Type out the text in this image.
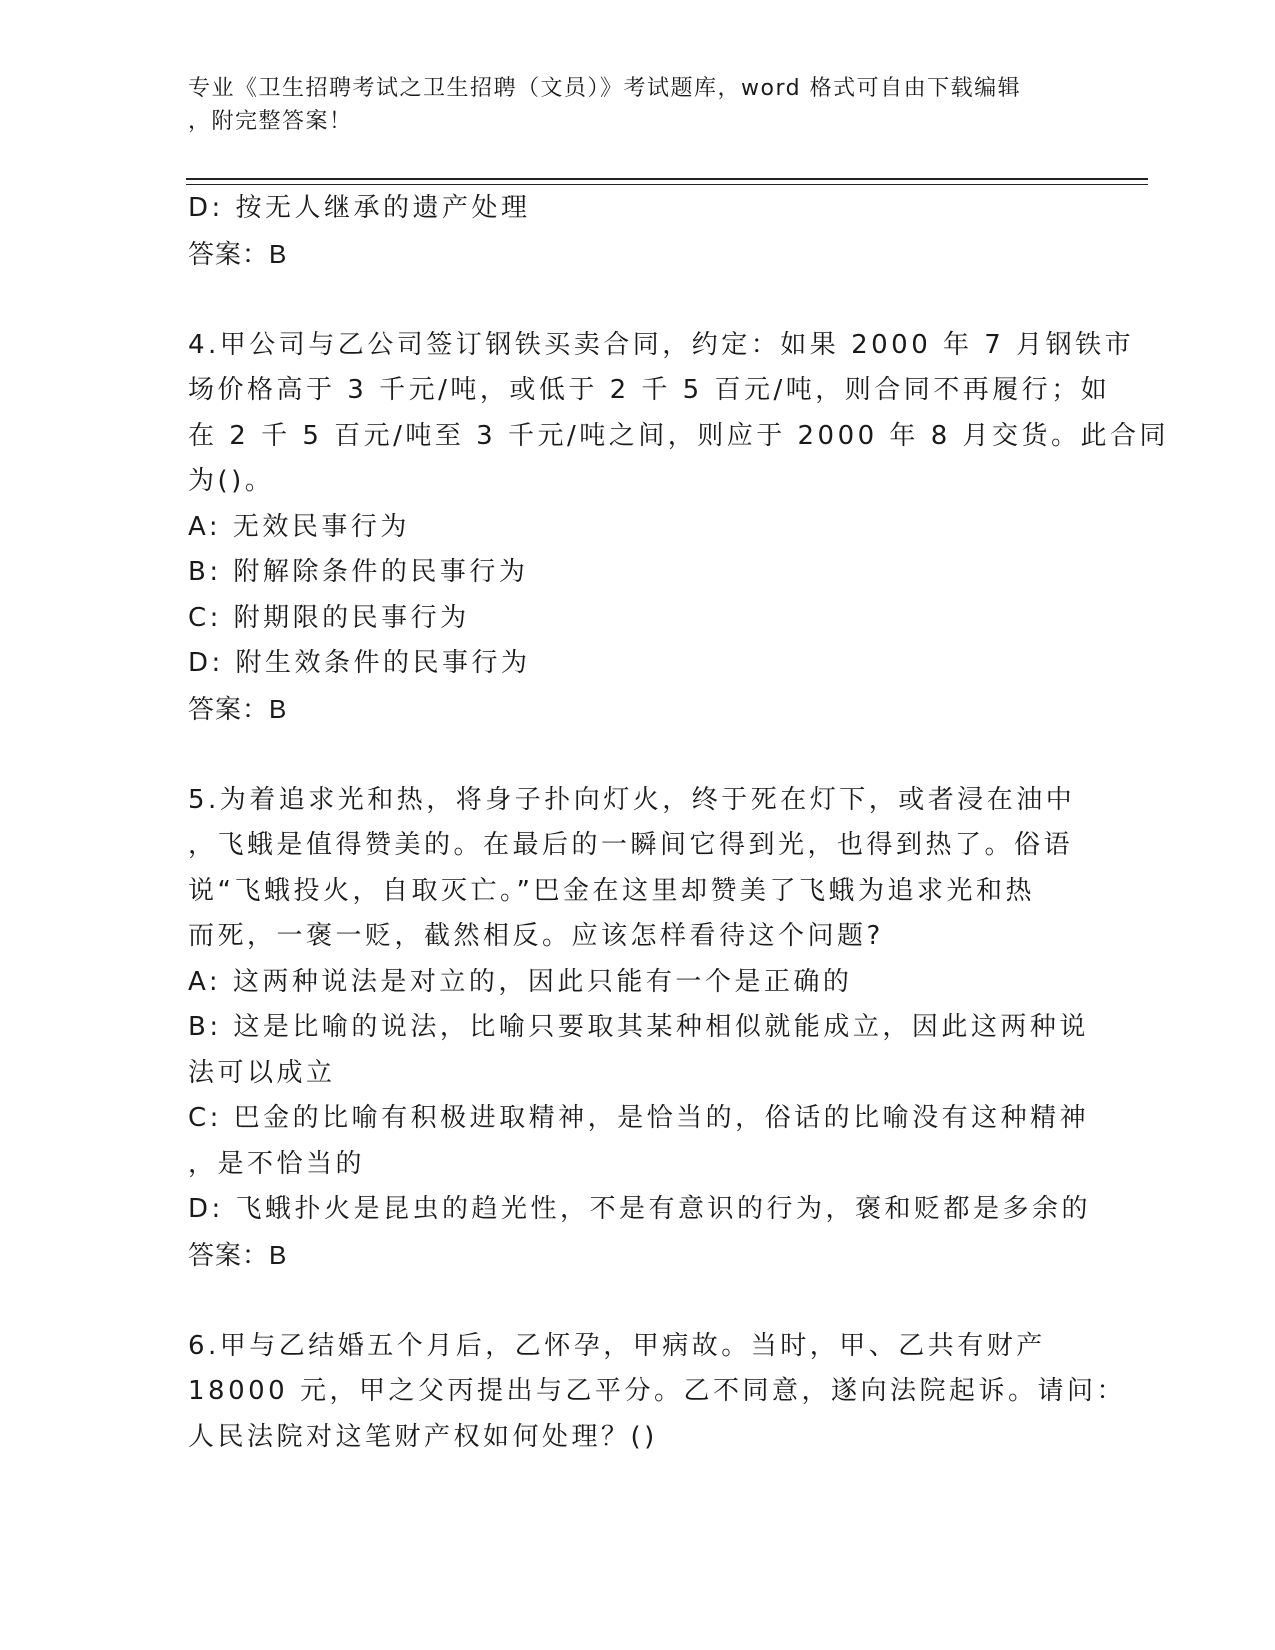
专业《卫生招聘考试之卫生招聘（文员）》考试题库，word 格式可自由下载编辑
，附完整答案！
D: 按无人继承的遗产处理
答案：B
4.甲公司与乙公司签订钢铁买卖合同，约定：如果 2000 年 7 月钢铁市
场价格高于 3 千元/吨，或低于 2 千 5 百元/吨，则合同不再履行；如
在 2 千 5 百元/吨至 3 千元/吨之间，则应于 2000 年 8 月交货。此合同
为()。
A: 无效民事行为
B: 附解除条件的民事行为
C: 附期限的民事行为
D: 附生效条件的民事行为
答案：B
5.为着追求光和热，将身子扑向灯火，终于死在灯下，或者浸在油中
，飞蛾是值得赞美的。在最后的一瞬间它得到光，也得到热了。俗语
说“飞蛾投火，自取灭亡。”巴金在这里却赞美了飞蛾为追求光和热
而死，一褒一贬，截然相反。应该怎样看待这个问题?
A: 这两种说法是对立的，因此只能有一个是正确的
B: 这是比喻的说法，比喻只要取其某种相似就能成立，因此这两种说
法可以成立
C: 巴金的比喻有积极进取精神，是恰当的，俗话的比喻没有这种精神
，是不恰当的
D: 飞蛾扑火是昆虫的趋光性，不是有意识的行为，褒和贬都是多余的
答案：B
6.甲与乙结婚五个月后，乙怀孕，甲病故。当时，甲、乙共有财产
18000 元，甲之父丙提出与乙平分。乙不同意，遂向法院起诉。请问：
人民法院对这笔财产权如何处理？()
